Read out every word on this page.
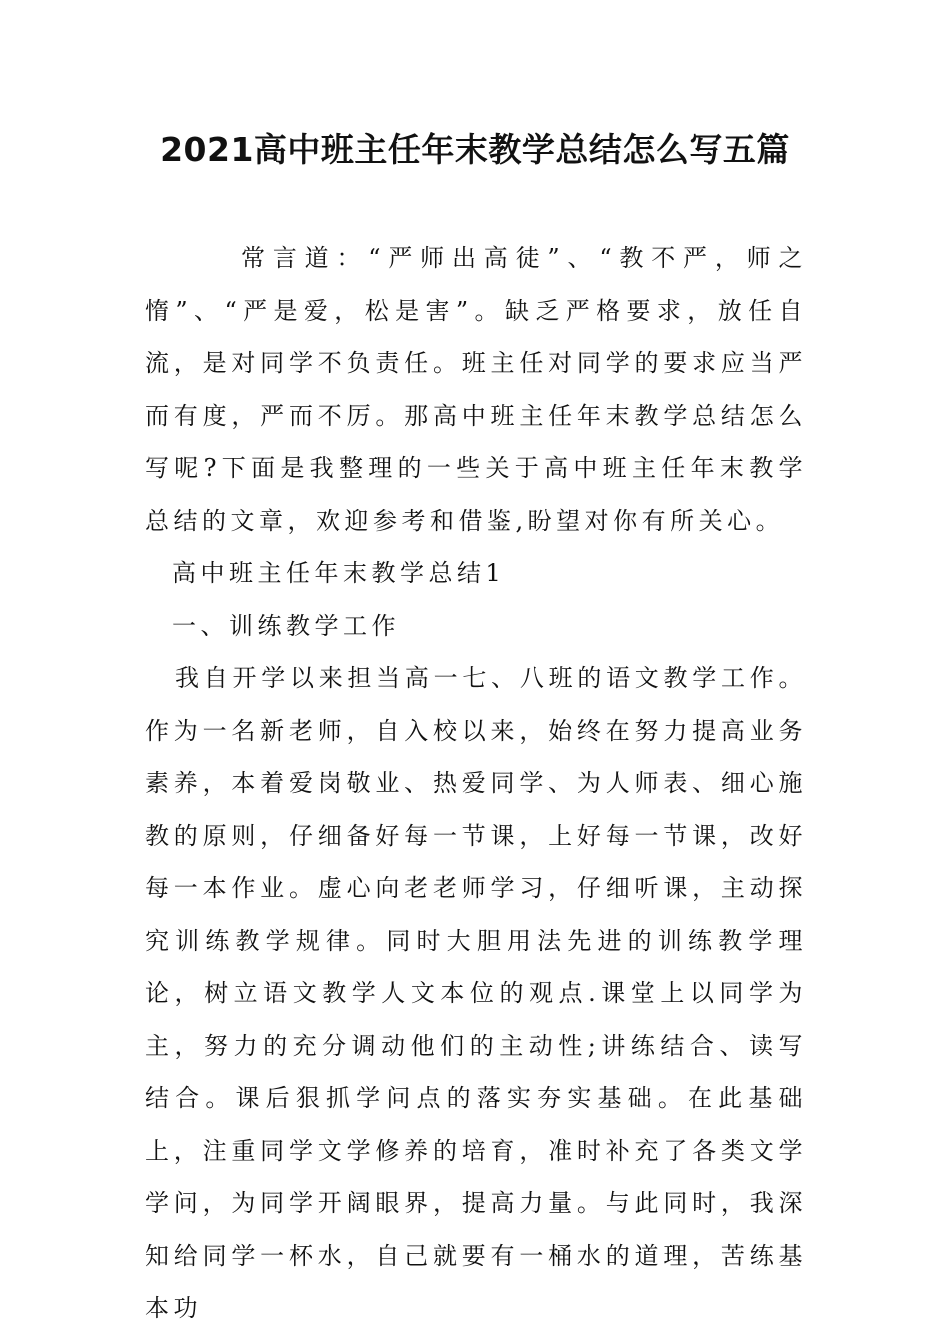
2021高中班主任年末教学总结怎么写五篇

常言道：“严师出高徒”、“教不严，师之惰”、“严是爱，松是害”。缺乏严格要求，放任自流，是对同学不负责任。班主任对同学的要求应当严而有度，严而不厉。那高中班主任年末教学总结怎么写呢?下面是我整理的一些关于高中班主任年末教学总结的文章，欢迎参考和借鉴,盼望对你有所关心。

高中班主任年末教学总结1

一、训练教学工作

我自开学以来担当高一七、八班的语文教学工作。作为一名新老师，自入校以来，始终在努力提高业务素养，本着爱岗敬业、热爱同学、为人师表、细心施教的原则，仔细备好每一节课，上好每一节课，改好每一本作业。虚心向老老师学习，仔细听课，主动探究训练教学规律。同时大胆用法先进的训练教学理论，树立语文教学人文本位的观点.课堂上以同学为主，努力的充分调动他们的主动性;讲练结合、读写结合。课后狠抓学问点的落实夯实基础。在此基础上，注重同学文学修养的培育，准时补充了各类文学学问，为同学开阔眼界，提高力量。与此同时，我深知给同学一杯水，自己就要有一桶水的道理，苦练基本功
